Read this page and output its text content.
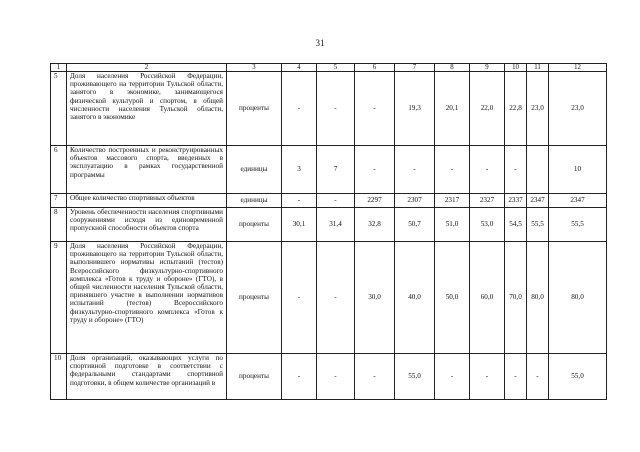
31
1	2	3	4	5	6	7	8	9	10	11	12
5	Доля населения Российской Федерации, проживающего на территории Тульской области, занятого в экономике, занимающегося физической культурой и спортом, в общей численности населения Тульской области, занятого в экономике	проценты	-	-	-	19,3	20,1	22,0	22,8	23,0	23,0
6	Количество построенных и реконструированных объектов массового спорта, введенных в эксплуатацию в рамках государственной программы	единицы	3	7	-	-	-	-	-		10
7	Общее количество спортивных объектов	единицы	-	-	2297	2307	2317	2327	2337	2347	2347
8	Уровень обеспеченности населения спортивными сооружениями исходя из единовременной пропускной способности объектов спорта	проценты	30,1	31,4	32,8	50,7	51,0	53,0	54,5	55,5	55,5
9	Доля населения Российской Федерации, проживающего на территории Тульской области, выполнившего нормативы испытаний (тестов) Всероссийского физкультурно-спортивного комплекса «Готов к труду и обороне» (ГТО), в общей численности населения Тульской области, принявшего участие в выполнении нормативов испытаний (тестов) Всероссийского физкультурно-спортивного комплекса «Готов к труду и обороне» (ГТО)	проценты	-	-	30,0	40,0	50,0	60,0	70,0	80,0	80,0
10	Доля организаций, оказывающих услуги по спортивной подготовке в соответствии с федеральными стандартами спортивной подготовки, в общем количестве организаций в	проценты	-	-	-	55,0	-	-	-	-	55,0
